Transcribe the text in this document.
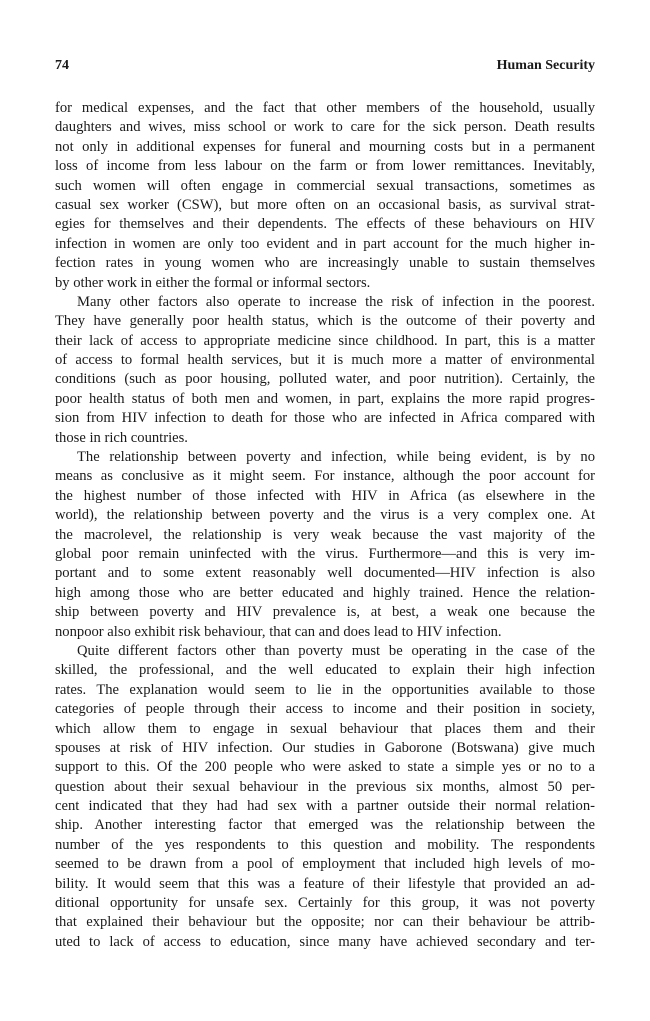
74	Human Security
for medical expenses, and the fact that other members of the household, usually
daughters and wives, miss school or work to care for the sick person. Death results
not only in additional expenses for funeral and mourning costs but in a permanent
loss of income from less labour on the farm or from lower remittances. Inevitably,
such women will often engage in commercial sexual transactions, sometimes as
casual sex worker (CSW), but more often on an occasional basis, as survival strat-
egies for themselves and their dependents. The effects of these behaviours on HIV
infection in women are only too evident and in part account for the much higher in-
fection rates in young women who are increasingly unable to sustain themselves
by other work in either the formal or informal sectors.
Many other factors also operate to increase the risk of infection in the poorest.
They have generally poor health status, which is the outcome of their poverty and
their lack of access to appropriate medicine since childhood. In part, this is a matter
of access to formal health services, but it is much more a matter of environmental
conditions (such as poor housing, polluted water, and poor nutrition). Certainly, the
poor health status of both men and women, in part, explains the more rapid progres-
sion from HIV infection to death for those who are infected in Africa compared with
those in rich countries.
The relationship between poverty and infection, while being evident, is by no
means as conclusive as it might seem. For instance, although the poor account for
the highest number of those infected with HIV in Africa (as elsewhere in the
world), the relationship between poverty and the virus is a very complex one. At
the macrolevel, the relationship is very weak because the vast majority of the
global poor remain uninfected with the virus. Furthermore—and this is very im-
portant and to some extent reasonably well documented—HIV infection is also
high among those who are better educated and highly trained. Hence the relation-
ship between poverty and HIV prevalence is, at best, a weak one because the
nonpoor also exhibit risk behaviour, that can and does lead to HIV infection.
Quite different factors other than poverty must be operating in the case of the
skilled, the professional, and the well educated to explain their high infection
rates. The explanation would seem to lie in the opportunities available to those
categories of people through their access to income and their position in society,
which allow them to engage in sexual behaviour that places them and their
spouses at risk of HIV infection. Our studies in Gaborone (Botswana) give much
support to this. Of the 200 people who were asked to state a simple yes or no to a
question about their sexual behaviour in the previous six months, almost 50 per-
cent indicated that they had had sex with a partner outside their normal relation-
ship. Another interesting factor that emerged was the relationship between the
number of the yes respondents to this question and mobility. The respondents
seemed to be drawn from a pool of employment that included high levels of mo-
bility. It would seem that this was a feature of their lifestyle that provided an ad-
ditional opportunity for unsafe sex. Certainly for this group, it was not poverty
that explained their behaviour but the opposite; nor can their behaviour be attrib-
uted to lack of access to education, since many have achieved secondary and ter-
